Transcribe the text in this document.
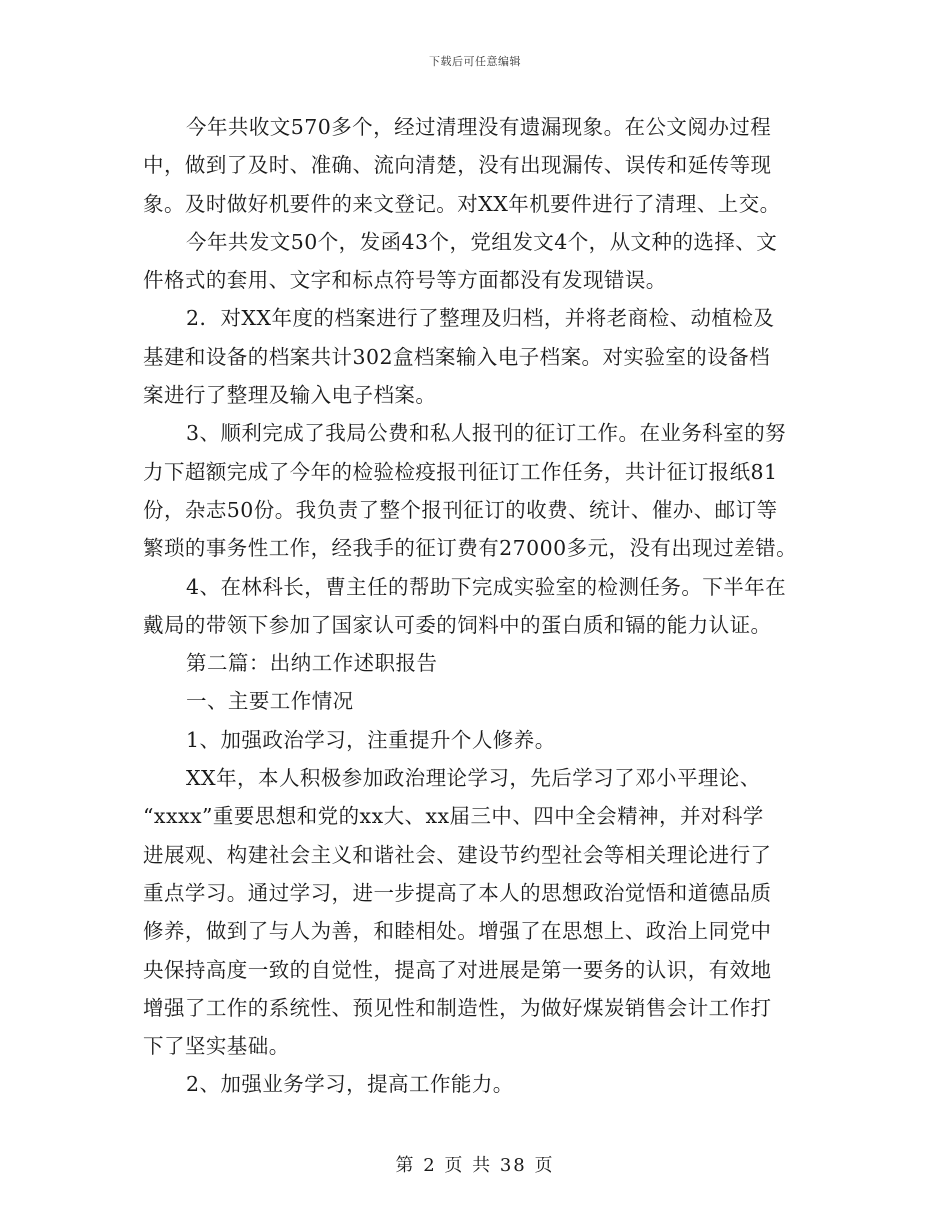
下载后可任意编辑
今年共收文570多个，经过清理没有遗漏现象。在公文阅办过程
中，做到了及时、准确、流向清楚，没有出现漏传、误传和延传等现
象。及时做好机要件的来文登记。对XX年机要件进行了清理、上交。
今年共发文50个，发函43个，党组发文4个，从文种的选择、文
件格式的套用、文字和标点符号等方面都没有发现错误。
2．对XX年度的档案进行了整理及归档，并将老商检、动植检及
基建和设备的档案共计302盒档案输入电子档案。对实验室的设备档
案进行了整理及输入电子档案。
3、顺利完成了我局公费和私人报刊的征订工作。在业务科室的努
力下超额完成了今年的检验检疫报刊征订工作任务，共计征订报纸81
份，杂志50份。我负责了整个报刊征订的收费、统计、催办、邮订等
繁琐的事务性工作，经我手的征订费有27000多元，没有出现过差错。
4、在林科长，曹主任的帮助下完成实验室的检测任务。下半年在
戴局的带领下参加了国家认可委的饲料中的蛋白质和镉的能力认证。
第二篇：出纳工作述职报告
一、主要工作情况
1、加强政治学习，注重提升个人修养。
XX年，本人积极参加政治理论学习，先后学习了邓小平理论、
“xxxx”重要思想和党的xx大、xx届三中、四中全会精神，并对科学
进展观、构建社会主义和谐社会、建设节约型社会等相关理论进行了
重点学习。通过学习，进一步提高了本人的思想政治觉悟和道德品质
修养，做到了与人为善，和睦相处。增强了在思想上、政治上同党中
央保持高度一致的自觉性，提高了对进展是第一要务的认识，有效地
增强了工作的系统性、预见性和制造性，为做好煤炭销售会计工作打
下了坚实基础。
2、加强业务学习，提高工作能力。
第 2 页 共 38 页
